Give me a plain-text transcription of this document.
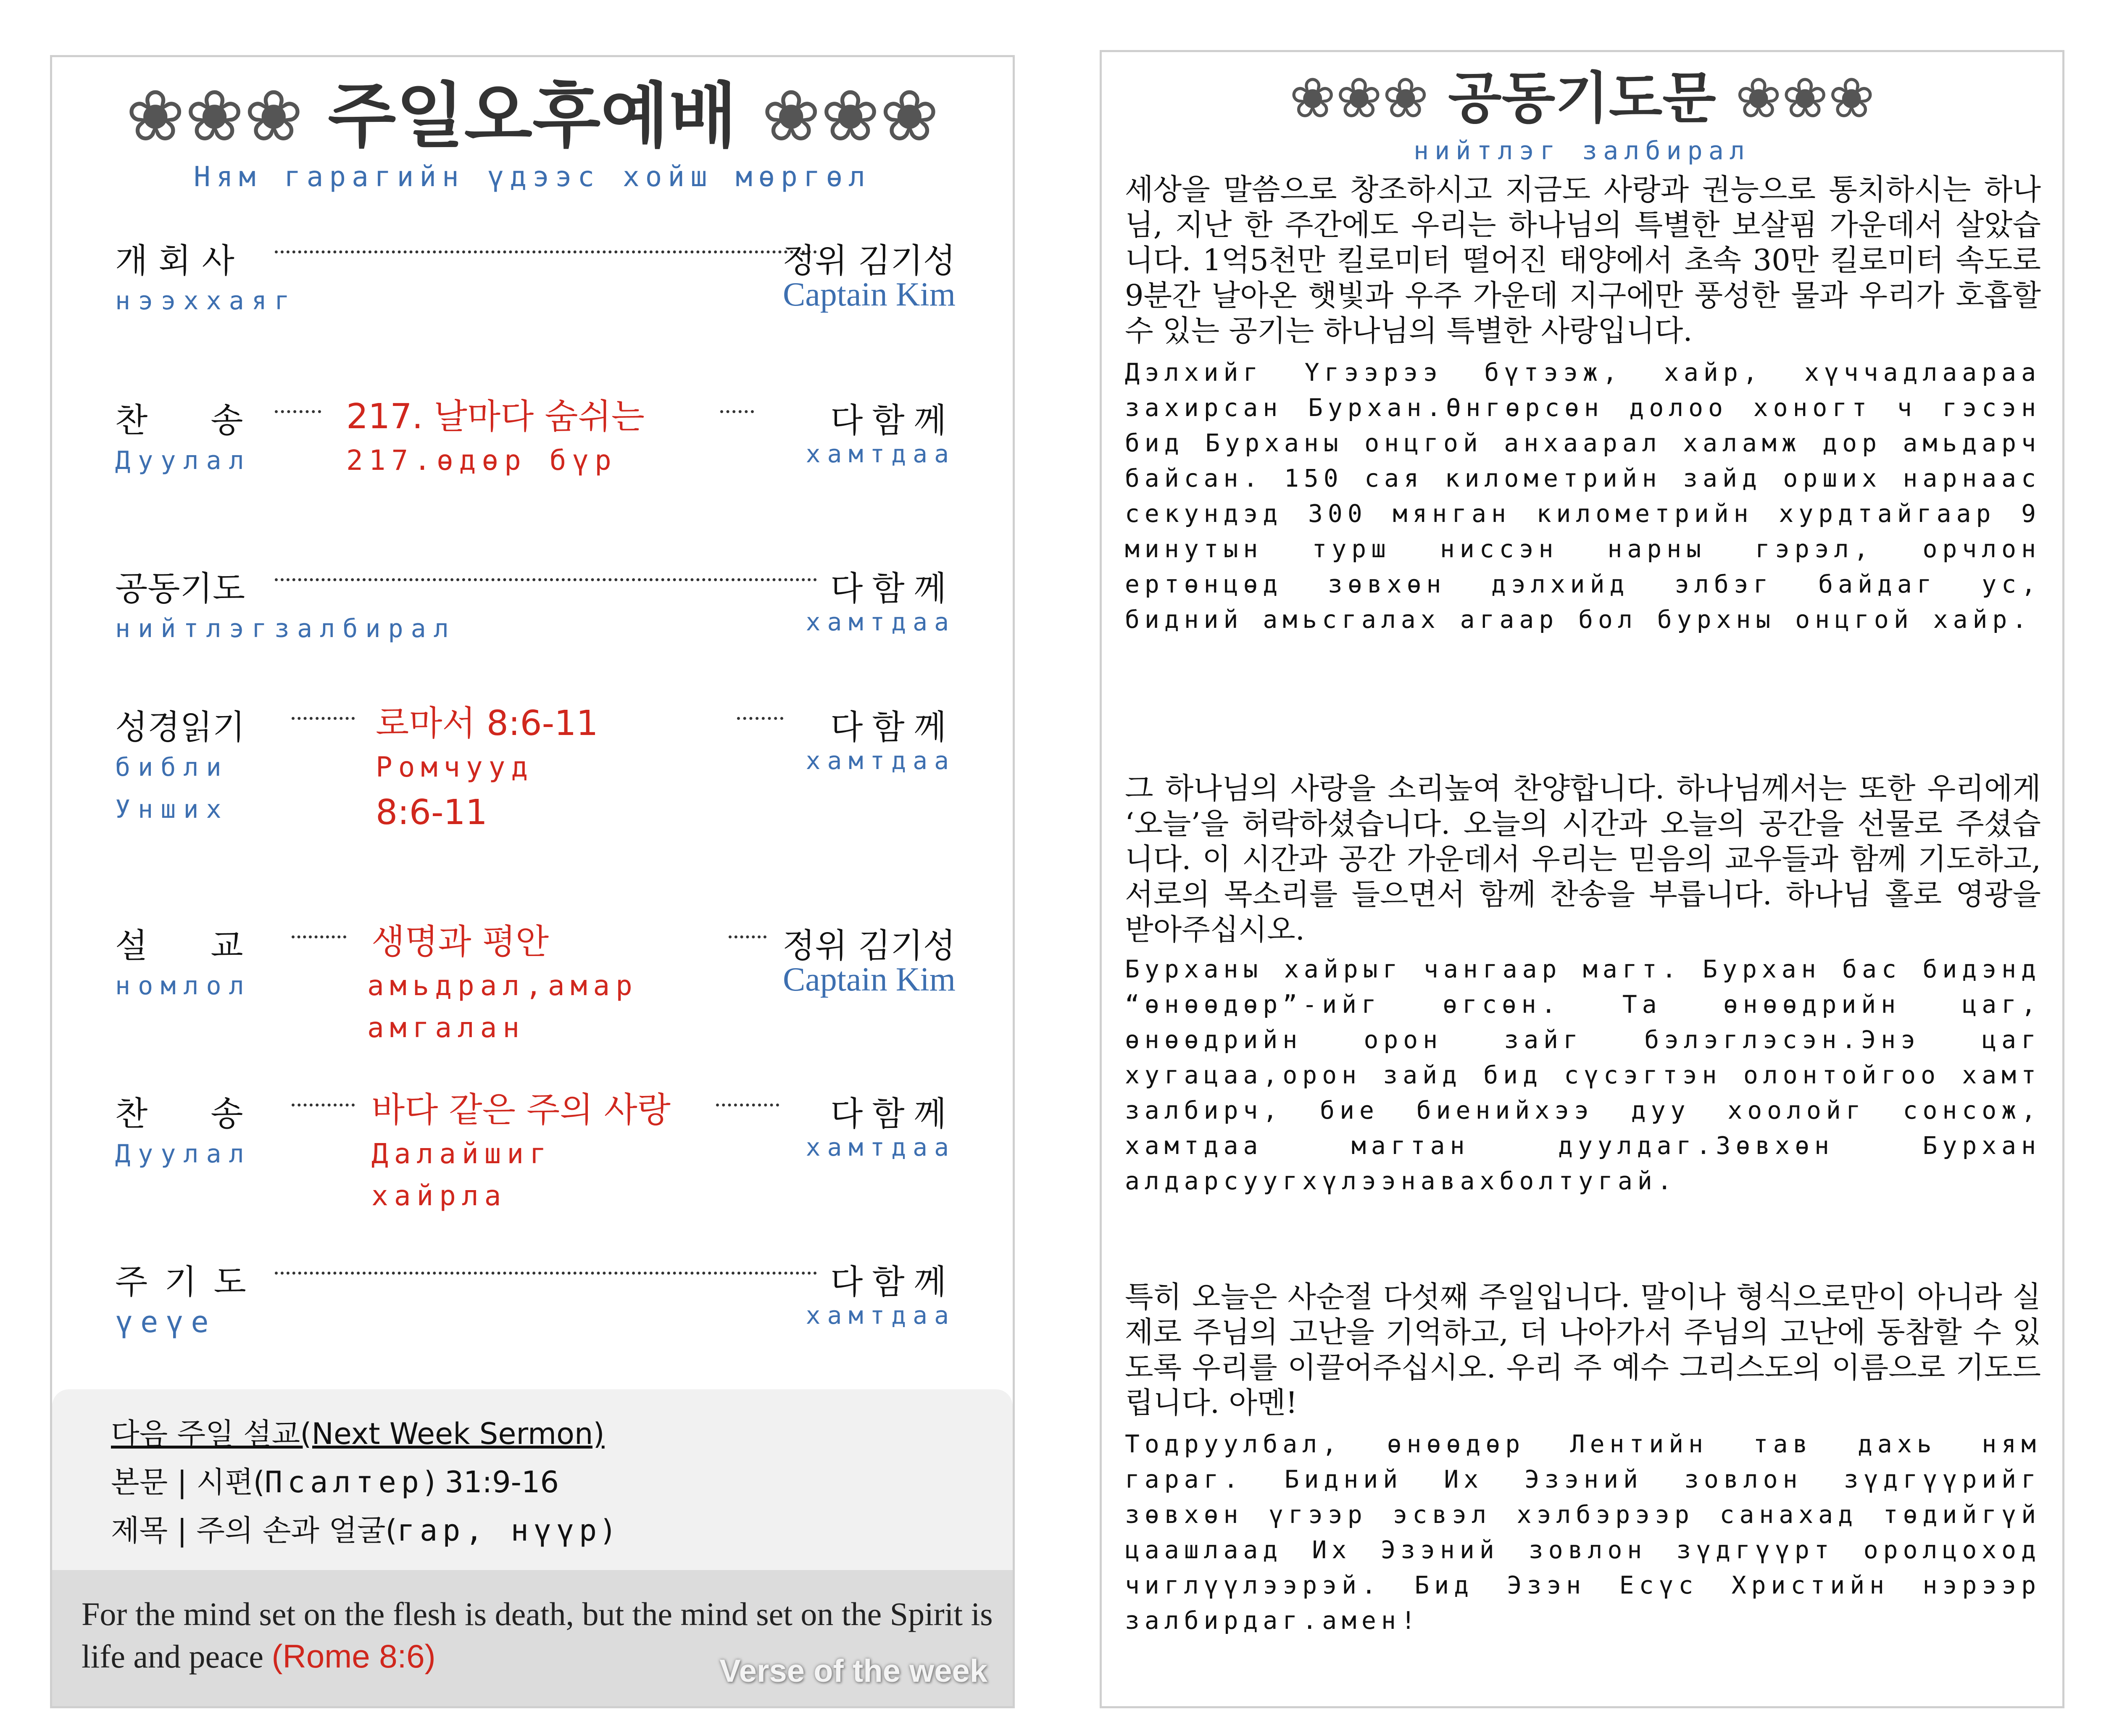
❀❀❀ 주일오후예배 ❀❀❀
Ням гарагийн үдээс хойш мөргөл
개회사
нээххаяг
정위 김기성
Captain Kim
찬송
Дуулал
217. 날마다 숨쉬는
217.өдөр бүр
다함께
хамтдаа
공동기도
нийтлэгзалбирал
다함께
хамтдаа
성경읽기
библи Унших
로마서 8:6-11
Ромчууд
8:6-11
다함께
хамтдаа
설교
номлол
생명과 평안
амьдрал,амар амгалан
정위 김기성
Captain Kim
찬송
Дуулал
바다 같은 주의 사랑
Далайшиг хайрла
다함께
хамтдаа
주기도
үеүе
다함께
хамтдаа
다음 주일 설교(Next Week Sermon)
본문 | 시편(Псалтер) 31:9-16
제목 | 주의 손과 얼굴(гар, нүүр)
For the mind set on the flesh is death, but the mind set on the Spirit is life and peace (Rome 8:6)	Verse of the week
❀❀❀ 공동기도문 ❀❀❀
нийтлэг залбирал
세상을 말씀으로 창조하시고 지금도 사랑과 권능으로 통치하시는 하나님, 지난 한 주간에도 우리는 하나님의 특별한 보살핌 가운데서 살았습니다. 1억5천만 킬로미터 떨어진 태양에서 초속 30만 킬로미터 속도로 9분간 날아온 햇빛과 우주 가운데 지구에만 풍성한 물과 우리가 호흡할 수 있는 공기는 하나님의 특별한 사랑입니다.
Дэлхийг Үгээрээ бүтээж, хайр, хүччадлаараа захирсан Бурхан.Өнгөрсөн долоо хоногт ч гэсэн бид Бурханы онцгой анхаарал халамж дор амьдарч байсан. 150 сая километрийн зайд орших нарнаас секундэд 300 мянган километрийн хурдтайгаар 9 минутын турш ниссэн нарны гэрэл, орчлон ертөнцөд зөвхөн дэлхийд элбэг байдаг ус, бидний амьсгалах агаар бол бурхны онцгой хайр.
그 하나님의 사랑을 소리높여 찬양합니다. 하나님께서는 또한 우리에게 ‘오늘’을 허락하셨습니다. 오늘의 시간과 오늘의 공간을 선물로 주셨습니다. 이 시간과 공간 가운데서 우리는 믿음의 교우들과 함께 기도하고, 서로의 목소리를 들으면서 함께 찬송을 부릅니다. 하나님 홀로 영광을 받아주십시오.
Бурханы хайрыг чангаар магт. Бурхан бас бидэнд “өнөөдөр”-ийг өгсөн. Та өнөөдрийн цаг, өнөөдрийн орон зайг бэлэглэсэн.Энэ цаг хугацаа,орон зайд бид сүсэгтэн олонтойгоо хамт залбирч, бие биенийхээ дуу хоолойг сонсож, хамтдаа магтан дуулдаг.Зөвхөн Бурхан алдарсуугхүлээнавахболтугай.
특히 오늘은 사순절 다섯째 주일입니다. 말이나 형식으로만이 아니라 실제로 주님의 고난을 기억하고, 더 나아가서 주님의 고난에 동참할 수 있도록 우리를 이끌어주십시오. 우리 주 예수 그리스도의 이름으로 기도드립니다. 아멘!
Тодруулбал, өнөөдөр Лентийн тав дахь ням гараг. Бидний Их Эзэний зовлон зүдгүүрийг зөвхөн үгээр эсвэл хэлбэрээр санахад төдийгүй цаашлаад Их Эзэний зовлон зүдгүүрт оролцоход чиглүүлээрэй. Бид Эзэн Есүс Христийн нэрээр залбирдаг.амен!
